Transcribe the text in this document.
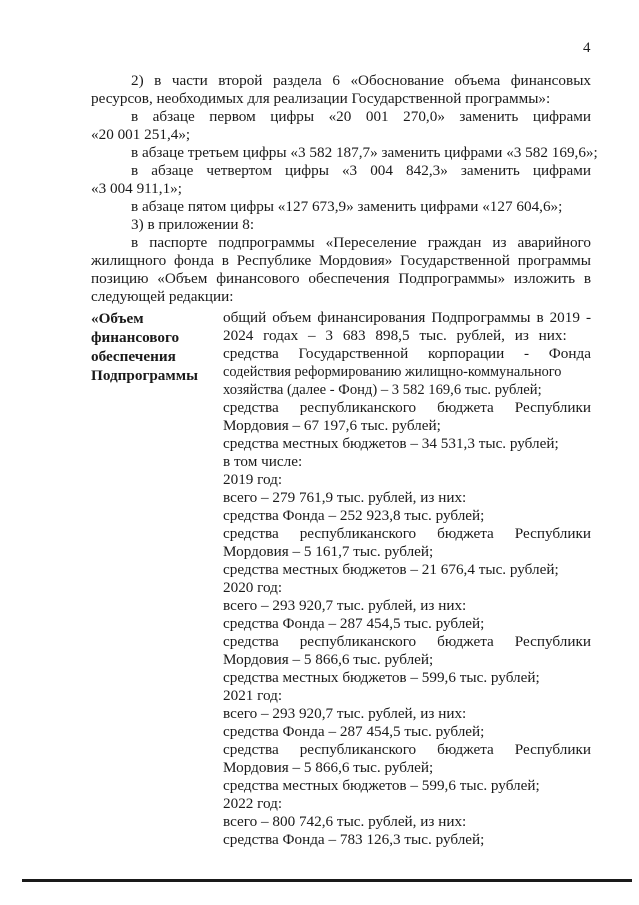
4
2) в части второй раздела 6 «Обоснование объема финансовых
ресурсов, необходимых для реализации Государственной программы»:
в абзаце первом цифры «20 001 270,0» заменить цифрами
«20 001 251,4»;
в абзаце третьем цифры «3 582 187,7» заменить цифрами «3 582 169,6»;
в абзаце четвертом цифры «3 004 842,3» заменить цифрами
«3 004 911,1»;
в абзаце пятом цифры «127 673,9» заменить цифрами «127 604,6»;
3) в приложении 8:
в паспорте подпрограммы «Переселение граждан из аварийного
жилищного фонда в Республике Мордовия» Государственной программы
позицию «Объем финансового обеспечения Подпрограммы» изложить в
следующей редакции:
«Объем
финансового
обеспечения
Подпрограммы
общий объем финансирования Подпрограммы в 2019 -
2024 годах – 3 683 898,5 тыс. рублей, из них:
средства Государственной корпорации - Фонда
содействия реформированию жилищно-коммунального
хозяйства (далее - Фонд) – 3 582 169,6 тыс. рублей;
средства республиканского бюджета Республики
Мордовия – 67 197,6 тыс. рублей;
средства местных бюджетов – 34 531,3 тыс. рублей;
в том числе:
2019 год:
всего – 279 761,9 тыс. рублей, из них:
средства Фонда – 252 923,8 тыс. рублей;
средства республиканского бюджета Республики
Мордовия – 5 161,7 тыс. рублей;
средства местных бюджетов – 21 676,4 тыс. рублей;
2020 год:
всего – 293 920,7 тыс. рублей, из них:
средства Фонда – 287 454,5 тыс. рублей;
средства республиканского бюджета Республики
Мордовия – 5 866,6 тыс. рублей;
средства местных бюджетов – 599,6 тыс. рублей;
2021 год:
всего – 293 920,7 тыс. рублей, из них:
средства Фонда – 287 454,5 тыс. рублей;
средства республиканского бюджета Республики
Мордовия – 5 866,6 тыс. рублей;
средства местных бюджетов – 599,6 тыс. рублей;
2022 год:
всего – 800 742,6 тыс. рублей, из них:
средства Фонда – 783 126,3 тыс. рублей;
